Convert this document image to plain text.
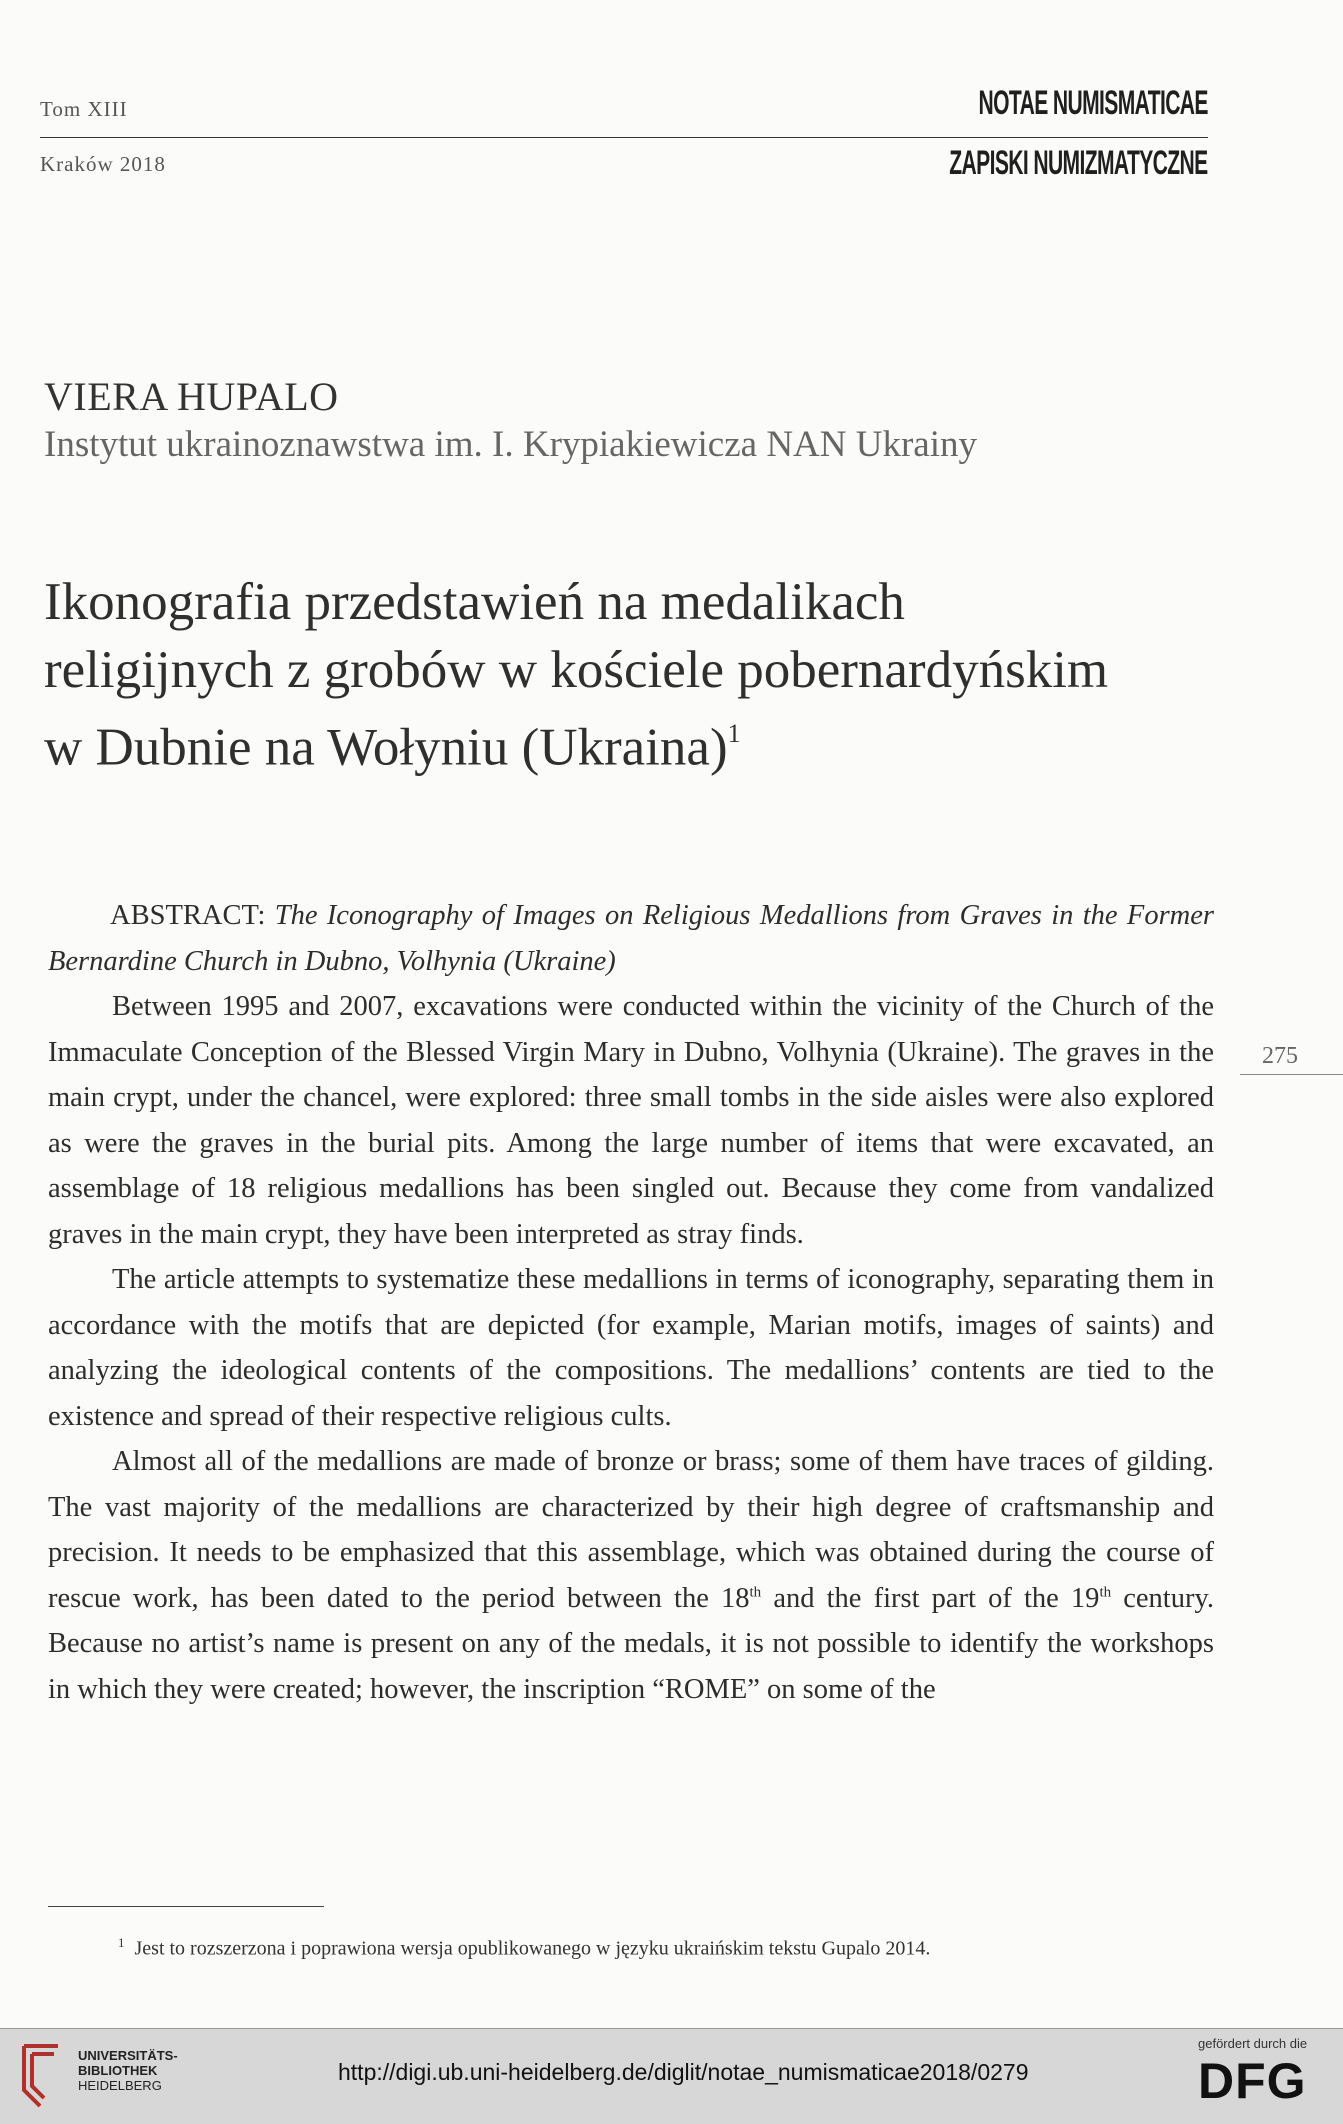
Tom XIII
Kraków 2018
NOTAE NUMISMATICAE
ZAPISKI NUMIZMATYCZNE
VIERA HUPALO
Instytut ukrainoznawstwa im. I. Krypiakiewicza NAN Ukrainy
Ikonografia przedstawień na medalikach
religijnych z grobów w kościele pobernardyńskim
w Dubnie na Wołyniu (Ukraina)$^1$

ABSTRACT: The Iconography of Images on Religious Medallions from Graves in the Former Bernardine Church in Dubno, Volhynia (Ukraine)

Between 1995 and 2007, excavations were conducted within the vicinity of the Church of the Immaculate Conception of the Blessed Virgin Mary in Dubno, Volhynia (Ukraine). The graves in the main crypt, under the chancel, were explored: three small tombs in the side aisles were also explored as were the graves in the burial pits. Among the large number of items that were excavated, an assemblage of 18 religious medallions has been singled out. Because they come from vandalized graves in the main crypt, they have been interpreted as stray finds.

The article attempts to systematize these medallions in terms of iconography, separating them in accordance with the motifs that are depicted (for example, Marian motifs, images of saints) and analyzing the ideological contents of the compositions. The medallions’ contents are tied to the existence and spread of their respective religious cults.

Almost all of the medallions are made of bronze or brass; some of them have traces of gilding. The vast majority of the medallions are characterized by their high degree of craftsmanship and precision. It needs to be emphasized that this assemblage, which was obtained during the course of rescue work, has been dated to the period between the 18th and the first part of the 19th century. Because no artist’s name is present on any of the medals, it is not possible to identify the workshops in which they were created; however, the inscription “ROME” on some of the

275
$^1$ Jest to rozszerzona i poprawiona wersja opublikowanego w języku ukraińskim tekstu Gupalo 2014.
UNIVERSITÄTS-
BIBLIOTHEK
HEIDELBERG
http://digi.ub.uni-heidelberg.de/diglit/notae_numismaticae2018/0279
gefördert durch die
DFG
